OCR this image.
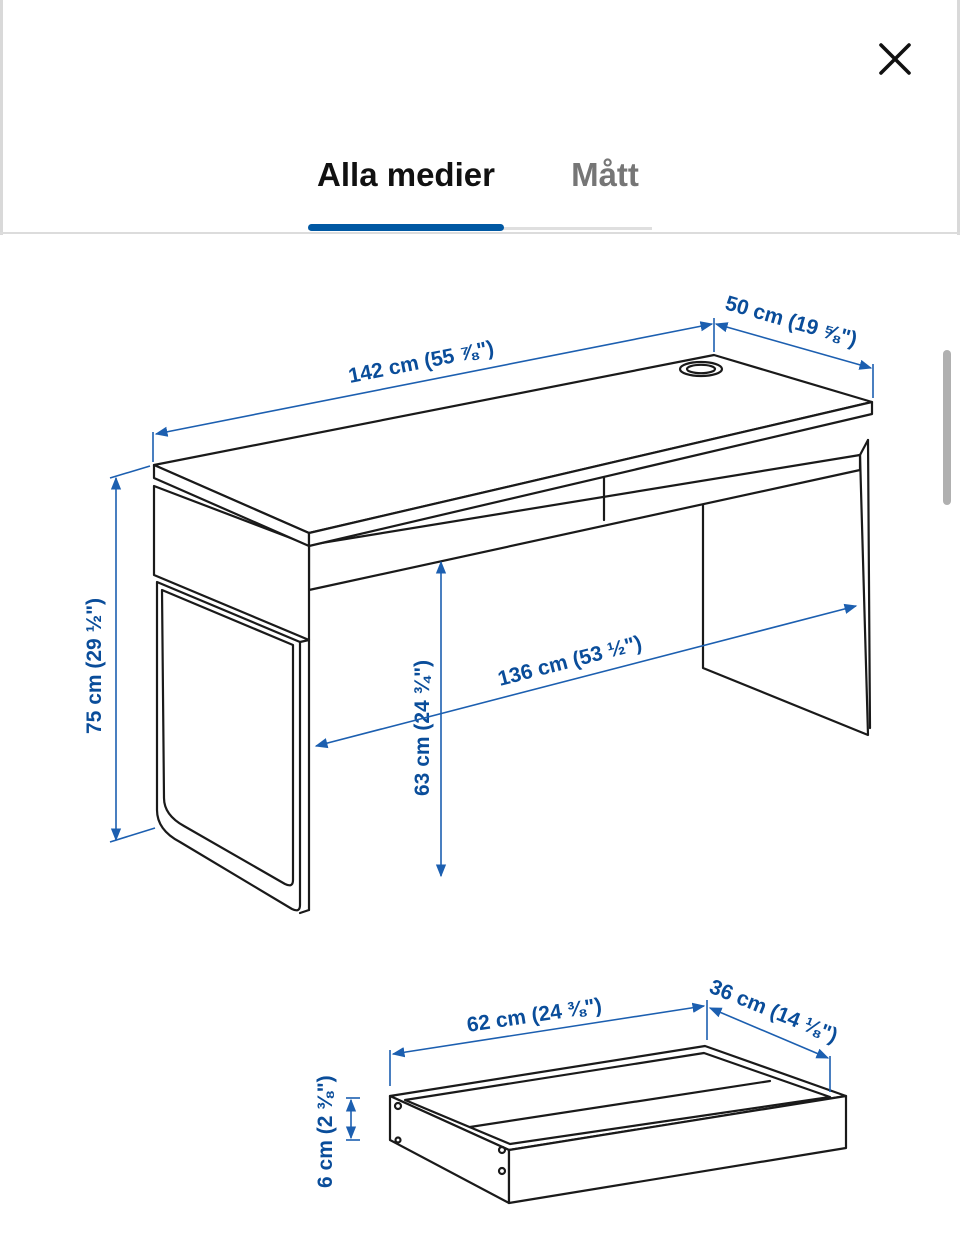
Alla medier	Mått
142 cm (55 ⅞")
50 cm (19 ⅝")
75 cm (29 ½")	63 cm (24 ¾")	136 cm (53 ½")
62 cm (24 ⅜")	36 cm (14 ⅛")
6 cm (2 ⅜")
